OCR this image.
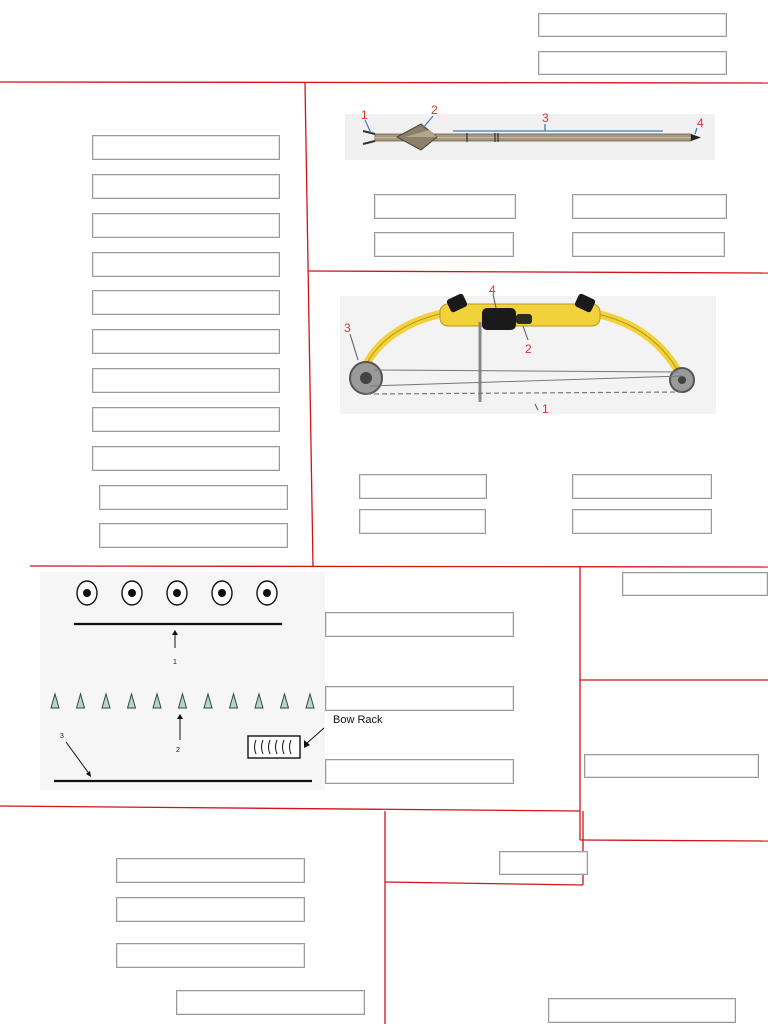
1	2
3	4
3
4
2
1
1
2
3
Bow Rack
